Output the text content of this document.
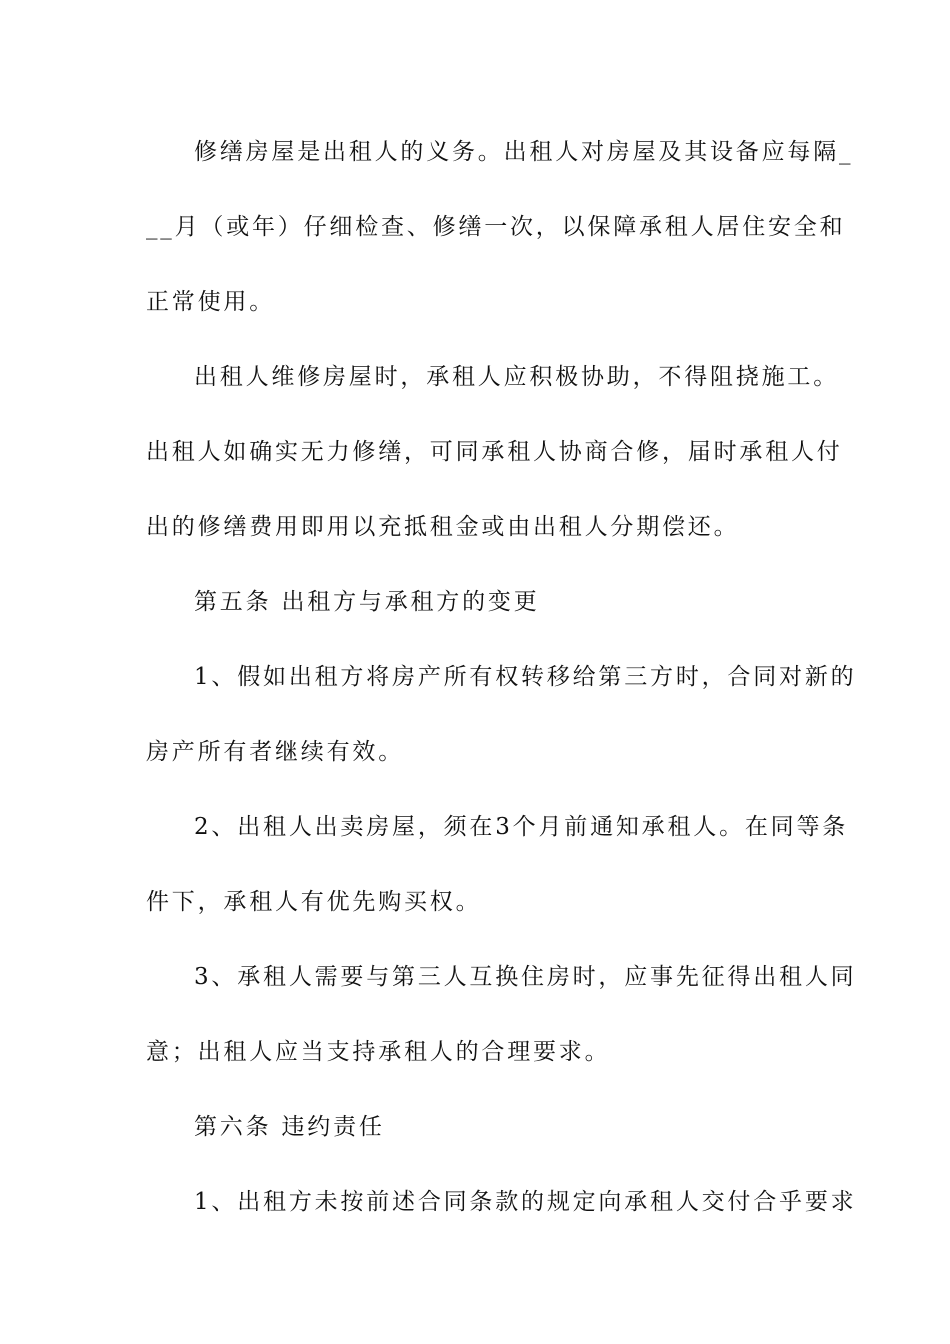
修缮房屋是出租人的义务。出租人对房屋及其设备应每隔_
__月（或年）仔细检查、修缮一次，以保障承租人居住安全和
正常使用。
出租人维修房屋时，承租人应积极协助，不得阻挠施工。
出租人如确实无力修缮，可同承租人协商合修，届时承租人付
出的修缮费用即用以充抵租金或由出租人分期偿还。
第五条 出租方与承租方的变更
1、假如出租方将房产所有权转移给第三方时，合同对新的
房产所有者继续有效。
2、出租人出卖房屋，须在3个月前通知承租人。在同等条
件下，承租人有优先购买权。
3、承租人需要与第三人互换住房时，应事先征得出租人同
意；出租人应当支持承租人的合理要求。
第六条 违约责任
1、出租方未按前述合同条款的规定向承租人交付合乎要求
